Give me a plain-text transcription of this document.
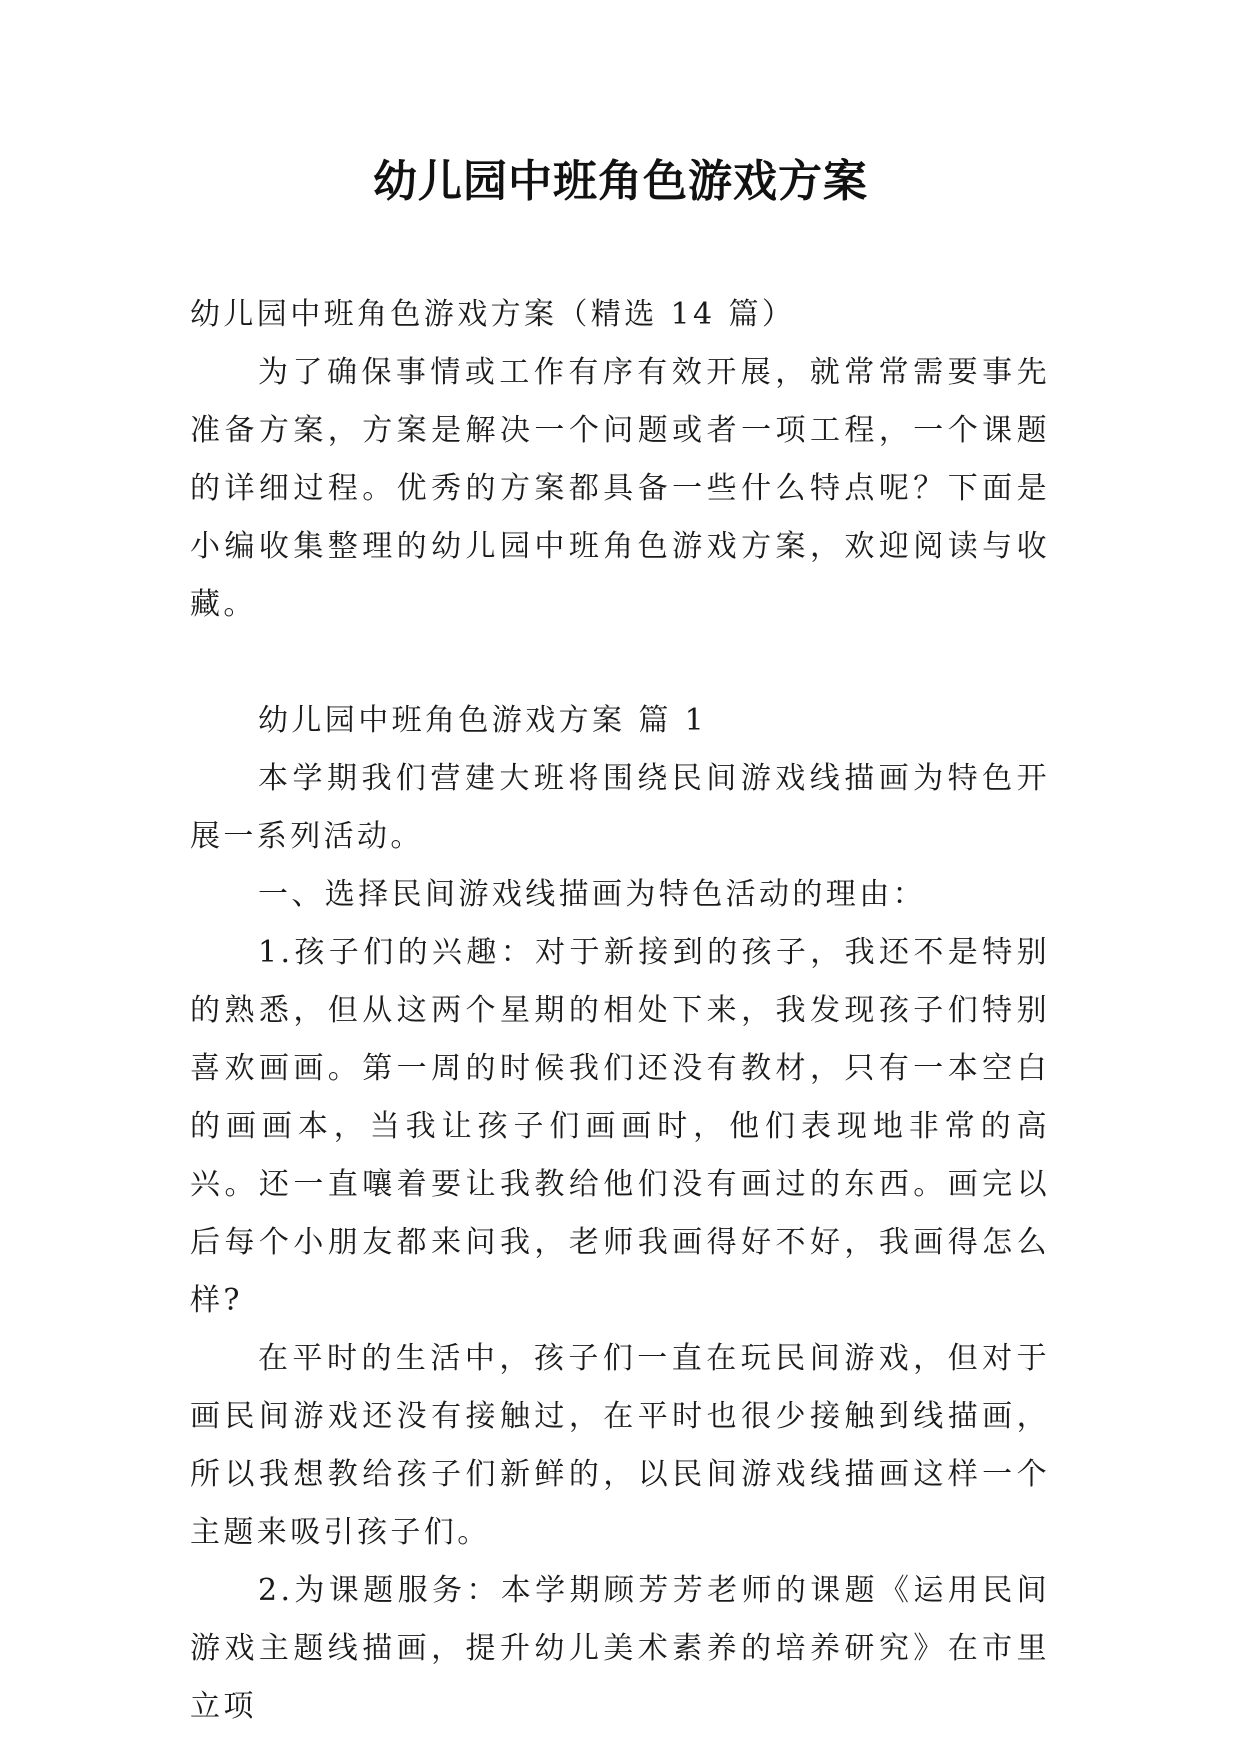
幼儿园中班角色游戏方案

幼儿园中班角色游戏方案（精选 14 篇）

为了确保事情或工作有序有效开展，就常常需要事先准备方案，方案是解决一个问题或者一项工程，一个课题的详细过程。优秀的方案都具备一些什么特点呢？下面是小编收集整理的幼儿园中班角色游戏方案，欢迎阅读与收藏。

幼儿园中班角色游戏方案 篇 1

本学期我们营建大班将围绕民间游戏线描画为特色开展一系列活动。

一、选择民间游戏线描画为特色活动的理由：

1.孩子们的兴趣：对于新接到的孩子，我还不是特别的熟悉，但从这两个星期的相处下来，我发现孩子们特别喜欢画画。第一周的时候我们还没有教材，只有一本空白的画画本，当我让孩子们画画时，他们表现地非常的高兴。还一直嚷着要让我教给他们没有画过的东西。画完以后每个小朋友都来问我，老师我画得好不好，我画得怎么样?

在平时的生活中，孩子们一直在玩民间游戏，但对于画民间游戏还没有接触过，在平时也很少接触到线描画，所以我想教给孩子们新鲜的，以民间游戏线描画这样一个主题来吸引孩子们。

2.为课题服务：本学期顾芳芳老师的课题《运用民间游戏主题线描画，提升幼儿美术素养的培养研究》在市里立项
